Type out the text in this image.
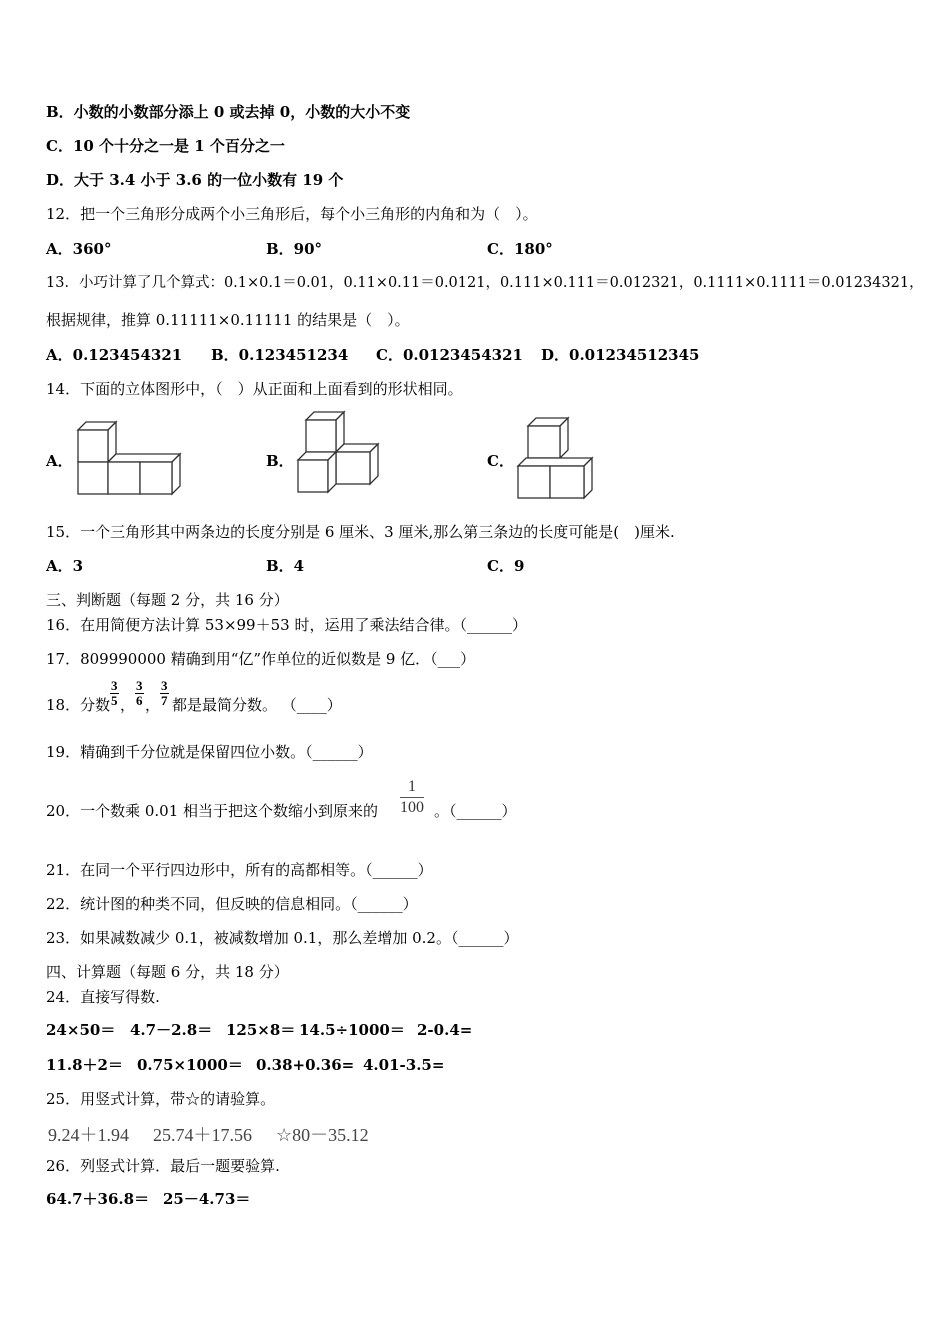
B．小数的小数部分添上 0 或去掉 0，小数的大小不变
C．10 个十分之一是 1 个百分之一
D．大于 3.4 小于 3.6 的一位小数有 19 个
12．把一个三角形分成两个小三角形后，每个小三角形的内角和为（　）。
A．360°	B．90°	C．180°
13．小巧计算了几个算式：0.1×0.1＝0.01，0.11×0.11＝0.0121，0.111×0.111＝0.012321，0.1111×0.1111＝0.01234321，
根据规律，推算 0.11111×0.11111 的结果是（　）。
A．0.123454321 B．0.123451234 C．0.0123454321 D．0.01234512345
14．下面的立体图形中，（　）从正面和上面看到的形状相同。
A．	B．	C．
15．一个三角形其中两条边的长度分别是 6 厘米、3 厘米,那么第三条边的长度可能是(　)厘米.
A．3	B．4	C．9
三、判断题（每题 2 分，共 16 分）
16．在用简便方法计算 53×99＋53 时，运用了乘法结合律。（______）
17．809990000 精确到用“亿”作单位的近似数是 9 亿．（___）
18．分数 $\frac{3}{5}$ ， $\frac{3}{6}$ ， $\frac{3}{7}$ 都是最简分数。 （____）
19．精确到千分位就是保留四位小数。（______）
20．一个数乘 0.01 相当于把这个数缩小到原来的 $\frac{1}{100}$ 。（______）
21．在同一个平行四边形中，所有的高都相等。（______）
22．统计图的种类不同，但反映的信息相同。（______）
23．如果减数减少 0.1，被减数增加 0.1，那么差增加 0.2。（______）
四、计算题（每题 6 分，共 18 分）
24．直接写得数.
24×50＝ 4.7－2.8＝ 125×8＝ 14.5÷1000＝ 2-0.4=
11.8＋2＝ 0.75×1000＝ 0.38+0.36= 4.01-3.5=
25．用竖式计算，带☆的请验算。
9.24＋1.94 25.74＋17.56 ☆80－35.12
26．列竖式计算．最后一题要验算.
64.7＋36.8＝ 25－4.73＝
